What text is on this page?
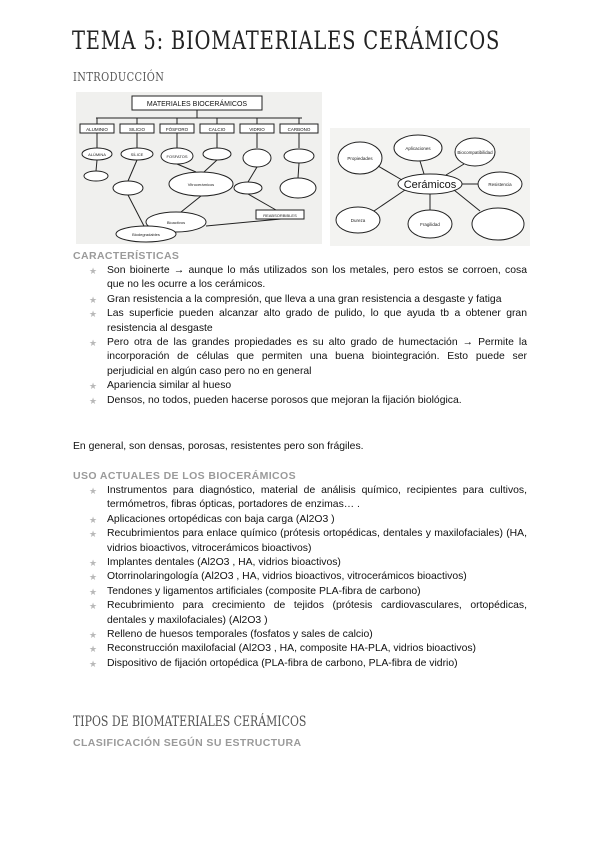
TEMA 5: BIOMATERIALES CERÁMICOS
INTRODUCCIÓN
MATERIALES BIOCERÁMICOS
ALUMINIO	SILICIO	FÓSFORO	CALCIO	VIDRIO	CARBONO
ALÚMINA	SÍLICE	FOSFATOS
Vitrocerámicos
Bioactivos
Biodegradables
REABSORBIBLES
Cerámicos
Propiedades
Aplicaciones
Biocompatibilidad
Resistencia
Dureza
Fragilidad
CARACTERÍSTICAS
★ Son bioinerte → aunque lo más utilizados son los metales, pero estos se corroen, cosa que no les ocurre a los cerámicos.
★ Gran resistencia a la compresión, que lleva a una gran resistencia a desgaste y fatiga
★ Las superficie pueden alcanzar alto grado de pulido, lo que ayuda tb a obtener gran resistencia al desgaste
★ Pero otra de las grandes propiedades es su alto grado de humectación → Permite la incorporación de células que permiten una buena biointegración. Esto puede ser perjudicial en algún caso pero no en general
★ Apariencia similar al hueso
★ Densos, no todos, pueden hacerse porosos que mejoran la fijación biológica.
En general, son densas, porosas, resistentes pero son frágiles.
USO ACTUALES DE LOS BIOCERÁMICOS
★ Instrumentos para diagnóstico, material de análisis químico, recipientes para cultivos, termómetros, fibras ópticas, portadores de enzimas… .
★ Aplicaciones ortopédicas con baja carga (Al2O3 )
★ Recubrimientos para enlace químico (prótesis ortopédicas, dentales y maxilofaciales) (HA, vidrios bioactivos, vitrocerámicos bioactivos)
★ Implantes dentales (Al2O3 , HA, vidrios bioactivos)
★ Otorrinolaringología (Al2O3 , HA, vidrios bioactivos, vitrocerámicos bioactivos)
★ Tendones y ligamentos artificiales (composite PLA-fibra de carbono)
★ Recubrimiento para crecimiento de tejidos (prótesis cardiovasculares, ortopédicas, dentales y maxilofaciales) (Al2O3 )
★ Relleno de huesos temporales (fosfatos y sales de calcio)
★ Reconstrucción maxilofacial (Al2O3 , HA, composite HA-PLA, vidrios bioactivos)
★ Dispositivo de fijación ortopédica (PLA-fibra de carbono, PLA-fibra de vidrio)
TIPOS DE BIOMATERIALES CERÁMICOS
CLASIFICACIÓN SEGÚN SU ESTRUCTURA
